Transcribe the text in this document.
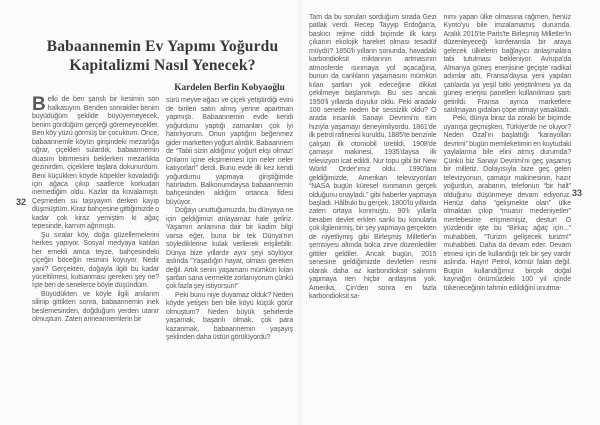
Babaannemin Ev Yapımı Yoğurdu
Kapitalizmi Nasıl Yenecek?

Belki de ben şanslı bir kesimin son halkasıyım. Benden sonrakiler benim büyüdüğüm şekilde büyüyemeyecek, benim gördüğüm gerçeği göremeyecekler. Ben köy yüzü görmüş bir çocuktum. Önce, babaannemle köyün girişindeki mezarlığa uğrar, çiçekleri sulardık, babaannemin duasını bitirmesini beklerken mezarlıkta gezinirdim, çiçeklere taşlara dokunurdum. Beni küçükken köyde köpekler kovaladığı için ağaca çıkıp saatlerce korkudan inemediğim oldu. Kazlar da kovalamıştı. Çeşmeden su taşıyayım derken kayıp düşmüştüm. Kiraz bahçesine gittiğimizde o kadar çok kiraz yemiştim ki ağaç tepesinde, karnım ağrımıştı.

Şu sıralar köy, doğa güzellemelerini herkes yapıyor. Sosyal medyaya katılan her emekli amca teyze, bahçesindeki çiçeğin böceğin resmini koyuyor. Nedir yani? Gerçekten, doğayla ilgili bu kadar yüceltilmesi, kutsanması gereken şey ne? İşte ben de senelerce böyle düşündüm.

Büyüdükten ve köyle ilgili anılarım silinip gittikten sonra, babaannemin inek beslemesinden, doğduğum yerden utanır olmuştum. Zaten anneannemlerin bir

Kardelen Berfin Kobyaoğlu

sürü meyve ağacı ve çiçek yetiştirdiği evini de birileri satın almış yerine apartman yapmıştı. Babaannemin evde kendi yoğurdunu yaptığı zamanları çok iyi hatırlıyorum. Onun yaptığını beğenmez gider marketten yoğurt alırdık. Babaannem de “Tabii sizin aldığınız yoğurt ekşi olmaz! Onların içine ekşimemesi için neler neler katıyorlar!” derdi. Bunu evde ilk kez kendi yoğurdumu yapmaya giriştiğimde hatırladım. Balkonumdaysa babaannemin bahçesinden aldığım ortanca fidesi büyüyor.

Doğayı unuttuğumuzda, bu dünyaya ne için geldiğimizi anlayamaz hale geliriz. Yaşamın anlamına dair bir kadim bilgi varsa eğer, buna bir tek Dünya'nın söylediklerine kulak verilerek erişilebilir. Dünya bize yıllardır aynı şeyi söylüyor aslında “Yaşadığın hayat, olması gereken değil. Artık senin yaşamanı mümkün kılan şartları sana vermekte zorlanıyorum çünkü çok fazla şey istiyorsun!”

Peki bunu niye duyamaz olduk? Neden köyde yetişen ben bile köyü küçük görür olmuştum? Neden büyük şehirlerde yaşamak, başarılı olmak, çok para kazanmak, babaannemin yaşayış şeklinden daha üstün görülüyordu?

Tam da bu soruları sorduğum sırada Gezi patlak verdi. Recep Tayyip Erdoğan'a, baskıcı rejime ciddi biçimde ilk karşı çıkanın ekolojik hareket olması tesadüf müydü? 1850'li yılların sonunda, havadaki karbondioksit miktarının artmasının atmosferde ısınmaya yol açacağına, bunun da canlıların yaşamasını mümkün kılan şartları yok edeceğine dikkat çekilmeye başlanmıştı. Bu ses ancak 1950'li yıllarda duyulur oldu. Peki aradaki 100 senede neden bir sessizlik oldu? O arada insanlık Sanayi Devrimi'ni tüm hızıyla yaşamayı deneyimliyordu. 1861'de ilk petrol rafinerisi kuruldu, 1885'te benzinle çalışan ilk otomobil üretildi, 1908'de çamaşır makinesi, 1935'daysa ilk televizyon icat edildi. Nur topu gibi bir New World Order'ımız oldu. 1990'lara geldiğimizde, Amerikan televizyonları “NASA bugün küresel ısınmanın gerçek olduğunu onayladı.” gibi haberler yapmaya başladı. Hâlbuki bu gerçek, 1800'lü yıllarda zaten ortaya konmuştu. 90'lı yıllarla beraber devlet erkleri sanki bu konularla çok ilgilenirmiş, bir şey yapmaya gerçekten de niyetliymiş gibi Birleşmiş Milletler'in şemsiyesi altında bolca zirve düzenlediler gittiler geldiler. Ancak bugün, 2015 senesine geldiğimizde devletleri resmi olarak daha az karbondioksit salınımı yapmaya iten hiçbir antlaşma yok. Amerika, Çin'den sonra en fazla karbondioksit sa-

nımı yapan ülke olmasına rağmen, henüz Kyoto'yu bile imzalamamış durumda. Aralık 2015'te Paris'te Birleşmiş Milletler'in düzenleyeceği konferansla bir araya gelecek ülkelerin bağlayıcı anlaşmalara tabi tutulması bekleniyor. Avrupa'da Almanya güneş enerjisine geçişte radikal adımlar attı, Fransa'daysa yeni yapılan çatılarda ya yeşil bitki yetiştirilmesi ya da güneş enerjisi panelleri kullanılması şartı getirildi. Fransa ayrıca marketlere satılmayan gıdaları çöpe atmayı yasakladı.

Peki, dünya biraz da zoraki bir biçimde uyanışa geçmişken, Türkiye'de ne oluyor? Neden Özal'ın başlattığı “karayolları devrimi” bugün memleketimin en kuytudaki yaylalarına bile elini atmış durumda? Çünkü biz Sanayi Devrimi'ni geç yaşamış bir milletiz. Dolayısıyla bize geç gelen televizyonun, çamaşır makinesinin, hazır yoğurdun, arabanın, telefonun “bir halt” olduğunu düşünmeye devam ediyoruz. Henüz daha “gelişmekte olan” ülke olmaktan çıkıp “muasır medeniyetler” mertebesine erişmemişiz, destur! O yüzdendir işte bu “Birkaç ağaç için...” muhabbeti, “Turizm gelişecek turizm!” muhabbeti. Daha da devam eder. Devam etmesi için de kullandığı tek bir şey vardır aslında. Hayır! Petrol, kömür falan değil. Bugün kullandığımız birçok doğal kaynağın önümüzdeki 100 yıl içinde tükeneceğinin tahmin edildiğini unutma-

32
33
